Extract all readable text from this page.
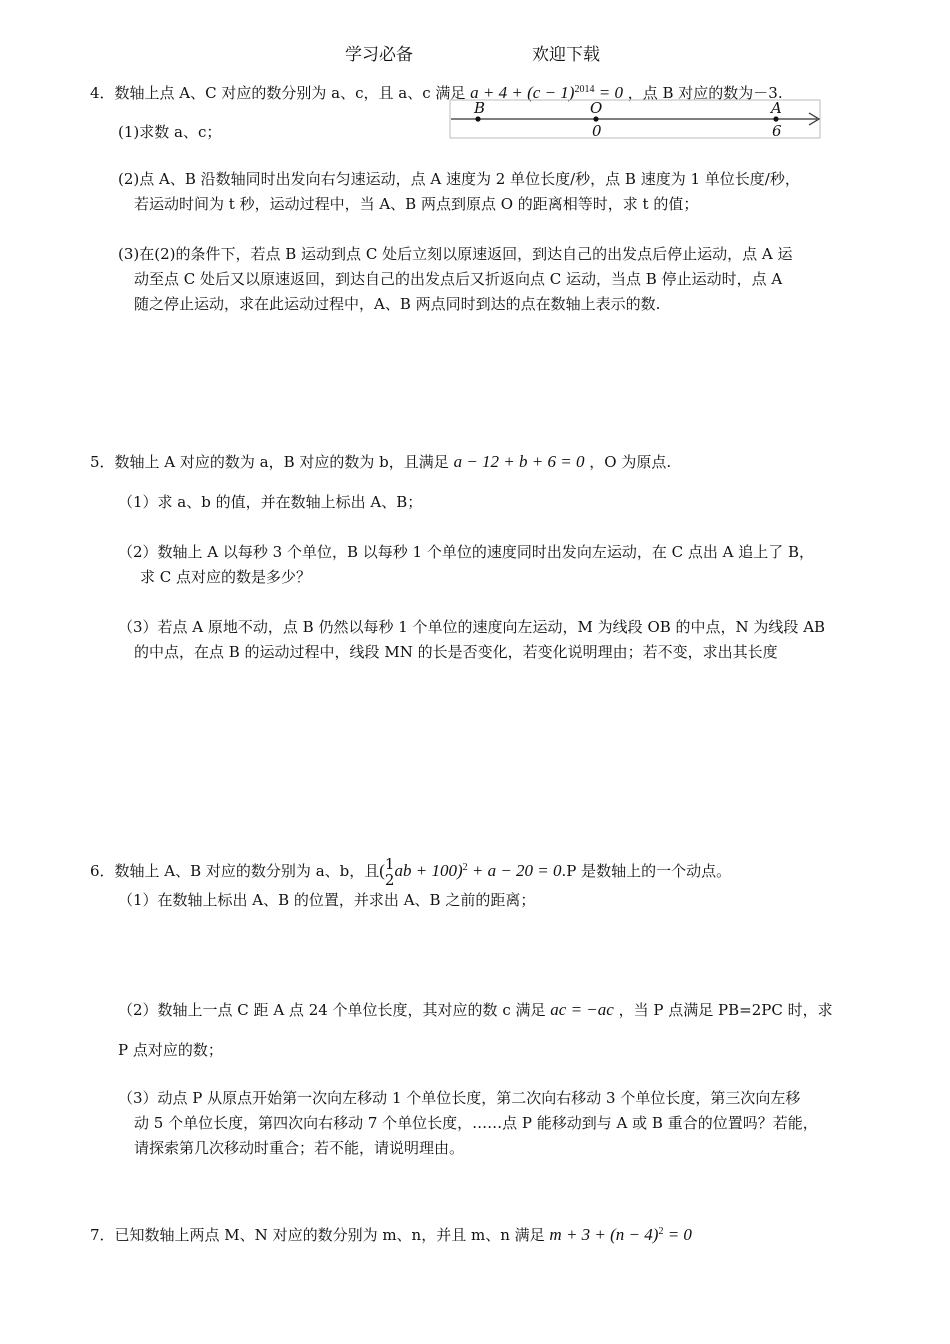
学习必备	欢迎下载
4．数轴上点 A、C 对应的数分别为 a、c，且 a、c 满足 $a + 4 + (c - 1)^{2014} = 0$ ，点 B 对应的数为－3.
(1)求数 a、c；
B	O	A
0	6
(2)点 A、B 沿数轴同时出发向右匀速运动，点 A 速度为 2 单位长度/秒，点 B 速度为 1 单位长度/秒，
若运动时间为 t 秒，运动过程中，当 A、B 两点到原点 O 的距离相等时，求 t 的值；
(3)在(2)的条件下，若点 B 运动到点 C 处后立刻以原速返回，到达自己的出发点后停止运动，点 A 运
动至点 C 处后又以原速返回，到达自己的出发点后又折返向点 C 运动，当点 B 停止运动时，点 A
随之停止运动，求在此运动过程中，A、B 两点同时到达的点在数轴上表示的数.
5．数轴上 A 对应的数为 a，B 对应的数为 b，且满足 a − 12 + b + 6 = 0 ，O 为原点.
（1）求 a、b 的值，并在数轴上标出 A、B；
（2）数轴上 A 以每秒 3 个单位，B 以每秒 1 个单位的速度同时出发向左运动，在 C 点出 A 追上了 B，
求 C 点对应的数是多少？
（3）若点 A 原地不动，点 B 仍然以每秒 1 个单位的速度向左运动，M 为线段 OB 的中点，N 为线段 AB
的中点，在点 B 的运动过程中，线段 MN 的长是否变化，若变化说明理由；若不变，求出其长度
6．数轴上 A、B 对应的数分别为 a、b，且( 1
2 ab + 100)$^2$ + a − 20 = 0.P 是数轴上的一个动点。
（1）在数轴上标出 A、B 的位置，并求出 A、B 之前的距离；
（2）数轴上一点 C 距 A 点 24 个单位长度，其对应的数 c 满足 ac = −ac ，当 P 点满足 PB=2PC 时，求
P 点对应的数；
（3）动点 P 从原点开始第一次向左移动 1 个单位长度，第二次向右移动 3 个单位长度，第三次向左移
动 5 个单位长度，第四次向右移动 7 个单位长度，……点 P 能移动到与 A 或 B 重合的位置吗？若能，
请探索第几次移动时重合；若不能，请说明理由。
7．已知数轴上两点 M、N 对应的数分别为 m、n，并且 m、n 满足 $m + 3 + (n - 4)^2 = 0$
